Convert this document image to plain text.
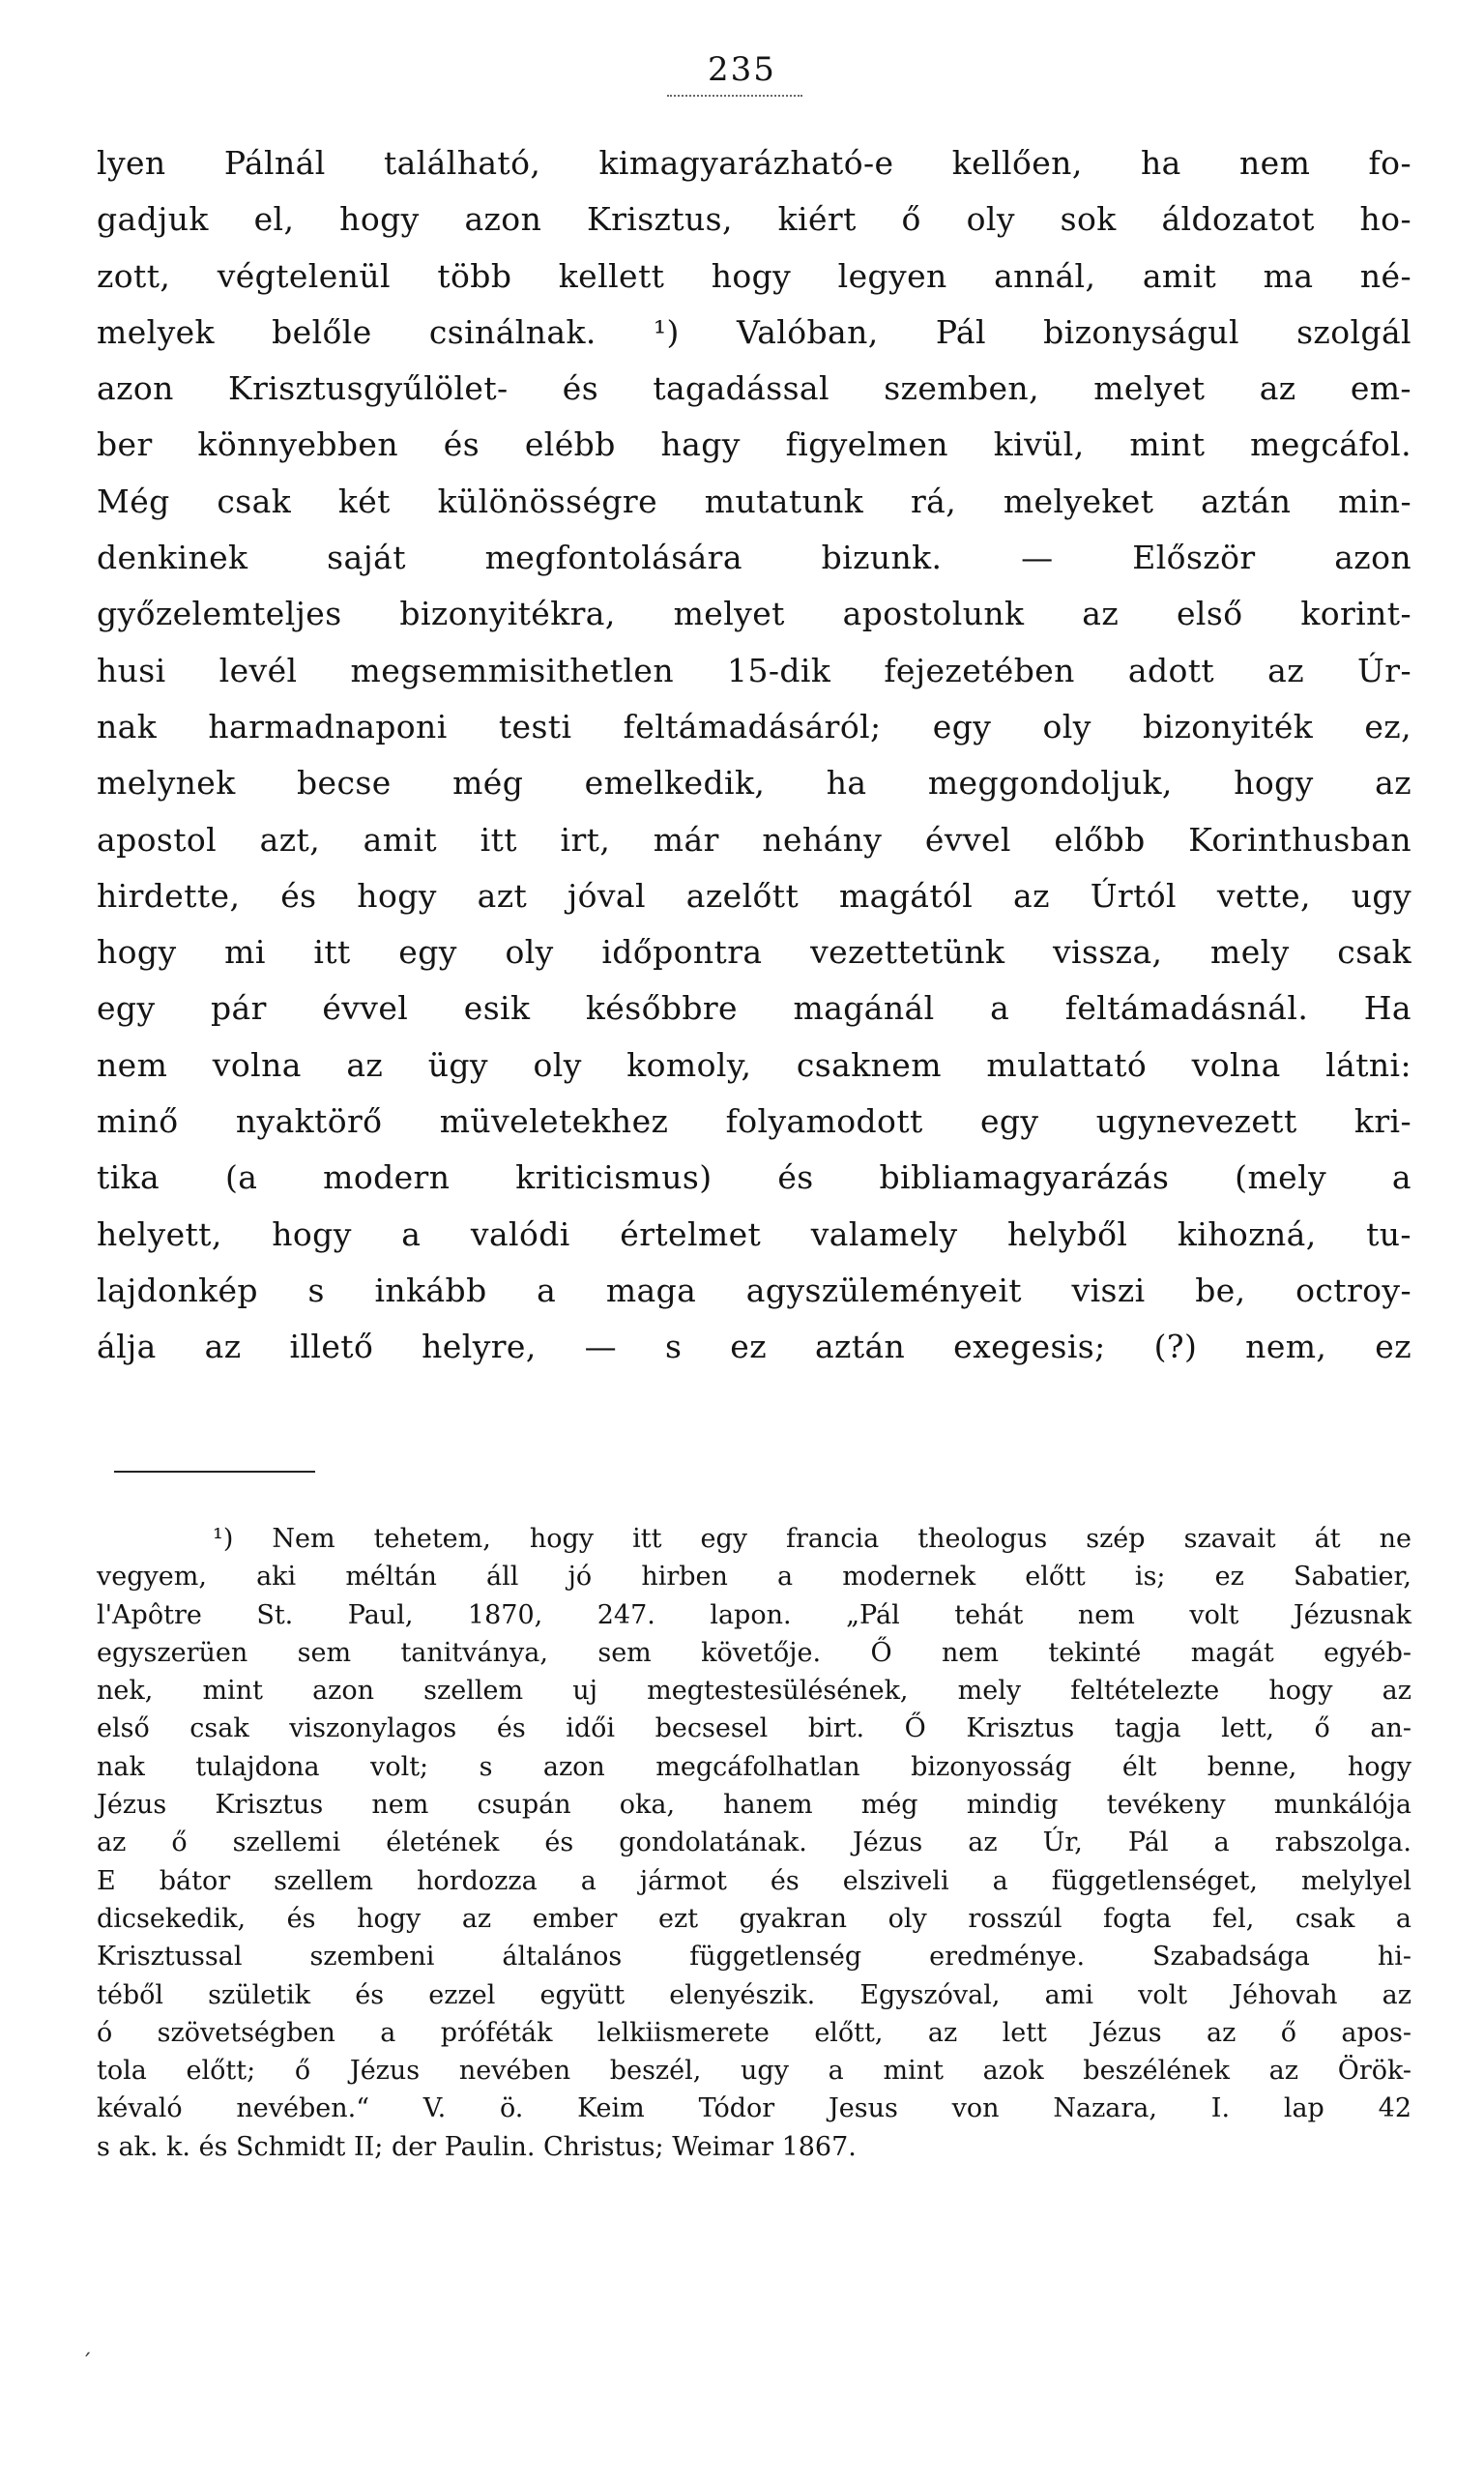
235
lyen Pálnál található, kimagyarázható-e kellően, ha nem fo-
gadjuk el, hogy azon Krisztus, kiért ő oly sok áldozatot ho-
zott, végtelenül több kellett hogy legyen annál, amit ma né-
melyek belőle csinálnak. ¹) Valóban, Pál bizonyságul szolgál
azon Krisztusgyűlölet- és tagadással szemben, melyet az em-
ber könnyebben és elébb hagy figyelmen kivül, mint megcáfol.
Még csak két különösségre mutatunk rá, melyeket aztán min-
denkinek saját megfontolására bizunk. — Először azon
győzelemteljes bizonyitékra, melyet apostolunk az első korint-
husi levél megsemmisithetlen 15-dik fejezetében adott az Úr-
nak harmadnaponi testi feltámadásáról; egy oly bizonyiték ez,
melynek becse még emelkedik, ha meggondoljuk, hogy az
apostol azt, amit itt irt, már nehány évvel előbb Korinthusban
hirdette, és hogy azt jóval azelőtt magától az Úrtól vette, ugy
hogy mi itt egy oly időpontra vezettetünk vissza, mely csak
egy pár évvel esik későbbre magánál a feltámadásnál. Ha
nem volna az ügy oly komoly, csaknem mulattató volna látni:
minő nyaktörő müveletekhez folyamodott egy ugynevezett kri-
tika (a modern kriticismus) és bibliamagyarázás (mely a
helyett, hogy a valódi értelmet valamely helyből kihozná, tu-
lajdonkép s inkább a maga agyszüleményeit viszi be, octroy-
álja az illető helyre, — s ez aztán exegesis; (?) nem, ez
¹) Nem tehetem, hogy itt egy francia theologus szép szavait át ne
vegyem, aki méltán áll jó hirben a modernek előtt is; ez Sabatier,
l'Apôtre St. Paul, 1870, 247. lapon. „Pál tehát nem volt Jézusnak
egyszerüen sem tanitványa, sem követője. Ő nem tekinté magát egyéb-
nek, mint azon szellem uj megtestesülésének, mely feltételezte hogy az
első csak viszonylagos és idői becsesel birt. Ő Krisztus tagja lett, ő an-
nak tulajdona volt; s azon megcáfolhatlan bizonyosság élt benne, hogy
Jézus Krisztus nem csupán oka, hanem még mindig tevékeny munkálója
az ő szellemi életének és gondolatának. Jézus az Úr, Pál a rabszolga.
E bátor szellem hordozza a jármot és elsziveli a függetlenséget, melylyel
dicsekedik, és hogy az ember ezt gyakran oly rosszúl fogta fel, csak a
Krisztussal szembeni általános függetlenség eredménye. Szabadsága hi-
téből születik és ezzel együtt elenyészik. Egyszóval, ami volt Jéhovah az
ó szövetségben a próféták lelkiismerete előtt, az lett Jézus az ő apos-
tola előtt; ő Jézus nevében beszél, ugy a mint azok beszélének az Örök-
kévaló nevében.“ V. ö. Keim Tódor Jesus von Nazara, I. lap 42
s ak. k. és Schmidt II; der Paulin. Christus; Weimar 1867.
´
